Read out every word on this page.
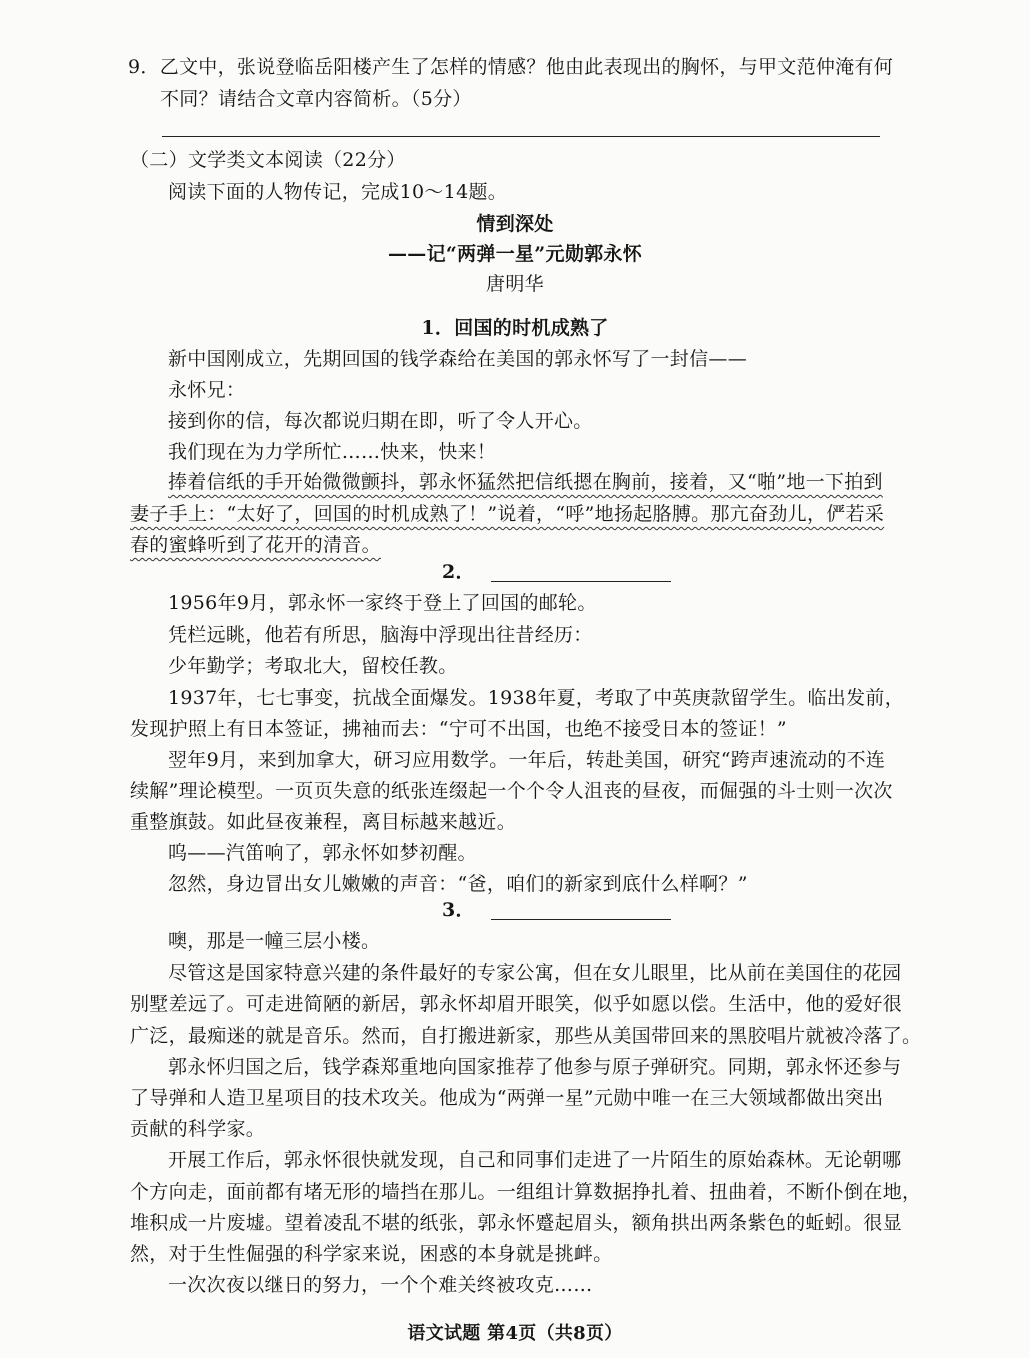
9．乙文中，张说登临岳阳楼产生了怎样的情感？他由此表现出的胸怀，与甲文范仲淹有何
不同？请结合文章内容简析。（5分）
（二）文学类文本阅读（22分）
阅读下面的人物传记，完成10～14题。
情到深处
——记“两弹一星”元勋郭永怀
唐明华
1．回国的时机成熟了
新中国刚成立，先期回国的钱学森给在美国的郭永怀写了一封信——
永怀兄：
接到你的信，每次都说归期在即，听了令人开心。
我们现在为力学所忙……快来，快来！
捧着信纸的手开始微微颤抖，郭永怀猛然把信纸摁在胸前，接着，又“啪”地一下拍到
妻子手上：“太好了，回国的时机成熟了！”说着，“呼”地扬起胳膊。那亢奋劲儿，俨若采
春的蜜蜂听到了花开的清音。
2．
1956年9月，郭永怀一家终于登上了回国的邮轮。
凭栏远眺，他若有所思，脑海中浮现出往昔经历：
少年勤学；考取北大，留校任教。
1937年，七七事变，抗战全面爆发。1938年夏，考取了中英庚款留学生。临出发前，
发现护照上有日本签证，拂袖而去：“宁可不出国，也绝不接受日本的签证！”
翌年9月，来到加拿大，研习应用数学。一年后，转赴美国，研究“跨声速流动的不连
续解”理论模型。一页页失意的纸张连缀起一个个令人沮丧的昼夜，而倔强的斗士则一次次
重整旗鼓。如此昼夜兼程，离目标越来越近。
呜——汽笛响了，郭永怀如梦初醒。
忽然，身边冒出女儿嫩嫩的声音：“爸，咱们的新家到底什么样啊？”
3．
噢，那是一幢三层小楼。
尽管这是国家特意兴建的条件最好的专家公寓，但在女儿眼里，比从前在美国住的花园
别墅差远了。可走进简陋的新居，郭永怀却眉开眼笑，似乎如愿以偿。生活中，他的爱好很
广泛，最痴迷的就是音乐。然而，自打搬进新家，那些从美国带回来的黑胶唱片就被冷落了。
郭永怀归国之后，钱学森郑重地向国家推荐了他参与原子弹研究。同期，郭永怀还参与
了导弹和人造卫星项目的技术攻关。他成为“两弹一星”元勋中唯一在三大领域都做出突出
贡献的科学家。
开展工作后，郭永怀很快就发现，自己和同事们走进了一片陌生的原始森林。无论朝哪
个方向走，面前都有堵无形的墙挡在那儿。一组组计算数据挣扎着、扭曲着，不断仆倒在地，
堆积成一片废墟。望着凌乱不堪的纸张，郭永怀蹙起眉头，额角拱出两条紫色的蚯蚓。很显
然，对于生性倔强的科学家来说，困惑的本身就是挑衅。
一次次夜以继日的努力，一个个难关终被攻克……
语文试题 第4页（共8页）
